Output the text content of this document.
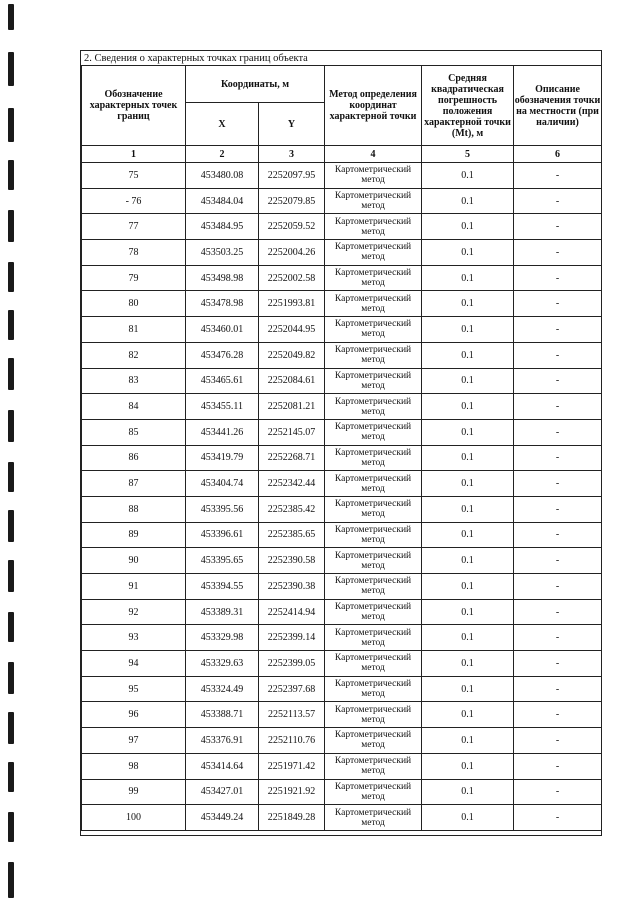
2. Сведения о характерных точках границ объекта
Обозначение характерных точек границ	Координаты, м		Метод определения координат характерной точки	Средняя квадратическая погрешность положения характерной точки (Mt), м	Описание обозначения точки на местности (при наличии)
	X	Y			
1	2	3	4	5	6
75	453480.08	2252097.95	Картометрический метод	0.1	-
- 76	453484.04	2252079.85	Картометрический метод	0.1	-
77	453484.95	2252059.52	Картометрический метод	0.1	-
78	453503.25	2252004.26	Картометрический метод	0.1	-
79	453498.98	2252002.58	Картометрический метод	0.1	-
80	453478.98	2251993.81	Картометрический метод	0.1	-
81	453460.01	2252044.95	Картометрический метод	0.1	-
82	453476.28	2252049.82	Картометрический метод	0.1	-
83	453465.61	2252084.61	Картометрический метод	0.1	-
84	453455.11	2252081.21	Картометрический метод	0.1	-
85	453441.26	2252145.07	Картометрический метод	0.1	-
86	453419.79	2252268.71	Картометрический метод	0.1	-
87	453404.74	2252342.44	Картометрический метод	0.1	-
88	453395.56	2252385.42	Картометрический метод	0.1	-
89	453396.61	2252385.65	Картометрический метод	0.1	-
90	453395.65	2252390.58	Картометрический метод	0.1	-
91	453394.55	2252390.38	Картометрический метод	0.1	-
92	453389.31	2252414.94	Картометрический метод	0.1	-
93	453329.98	2252399.14	Картометрический метод	0.1	-
94	453329.63	2252399.05	Картометрический метод	0.1	-
95	453324.49	2252397.68	Картометрический метод	0.1	-
96	453388.71	2252113.57	Картометрический метод	0.1	-
97	453376.91	2252110.76	Картометрический метод	0.1	-
98	453414.64	2251971.42	Картометрический метод	0.1	-
99	453427.01	2251921.92	Картометрический метод	0.1	-
100	453449.24	2251849.28	Картометрический метод	0.1	-
